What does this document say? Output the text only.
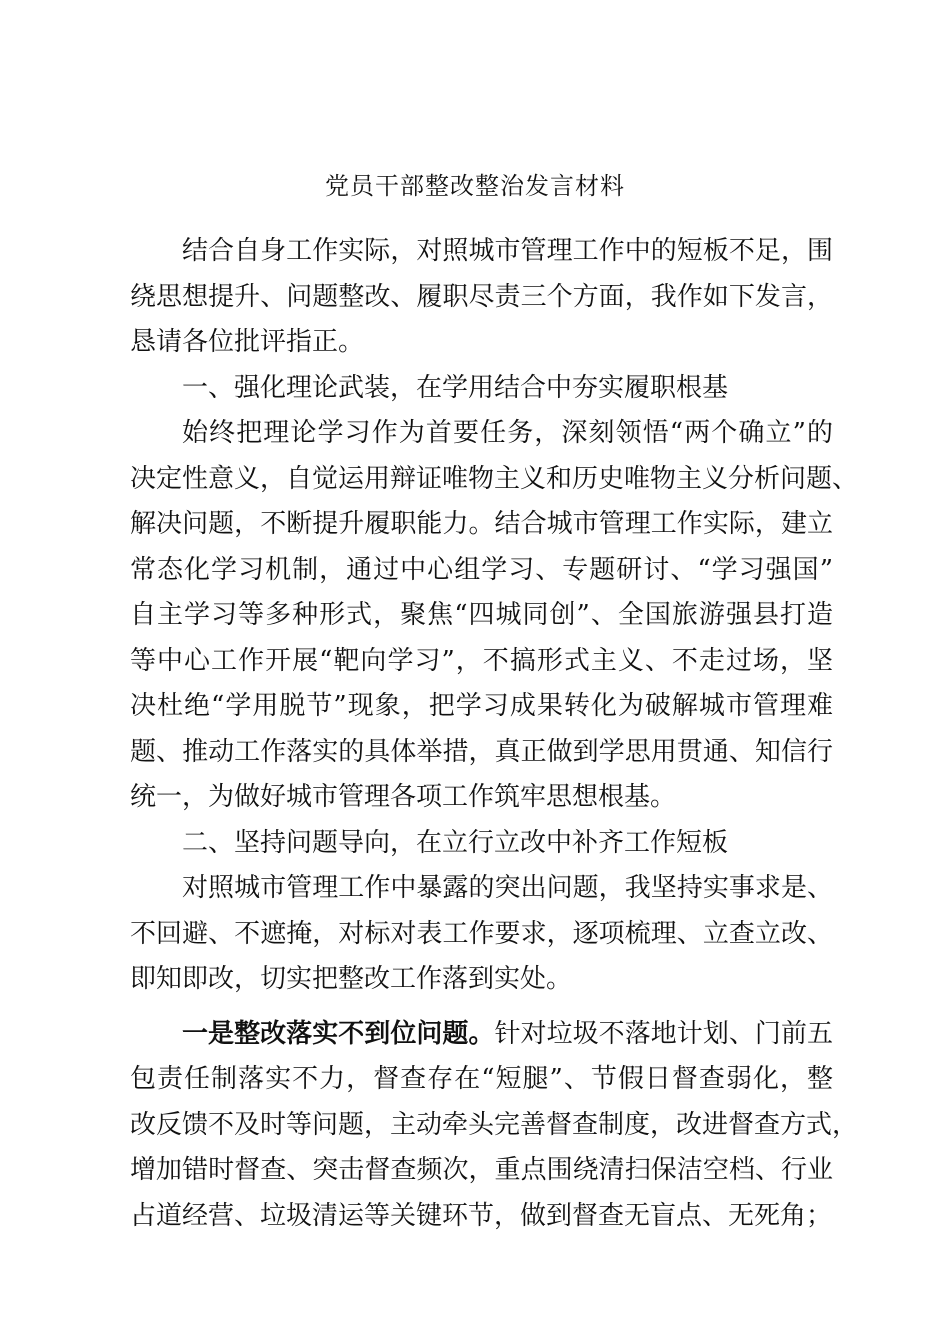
党员干部整改整治发言材料
结合自身工作实际，对照城市管理工作中的短板不足，围
绕思想提升、问题整改、履职尽责三个方面，我作如下发言，
恳请各位批评指正。
一、强化理论武装，在学用结合中夯实履职根基
始终把理论学习作为首要任务，深刻领悟“两个确立”的
决定性意义，自觉运用辩证唯物主义和历史唯物主义分析问题、
解决问题，不断提升履职能力。结合城市管理工作实际，建立
常态化学习机制，通过中心组学习、专题研讨、“学习强国”
自主学习等多种形式，聚焦“四城同创”、全国旅游强县打造
等中心工作开展“靶向学习”，不搞形式主义、不走过场，坚
决杜绝“学用脱节”现象，把学习成果转化为破解城市管理难
题、推动工作落实的具体举措，真正做到学思用贯通、知信行
统一，为做好城市管理各项工作筑牢思想根基。
二、坚持问题导向，在立行立改中补齐工作短板
对照城市管理工作中暴露的突出问题，我坚持实事求是、
不回避、不遮掩，对标对表工作要求，逐项梳理、立查立改、
即知即改，切实把整改工作落到实处。
一是整改落实不到位问题。针对垃圾不落地计划、门前五
包责任制落实不力，督查存在“短腿”、节假日督查弱化，整
改反馈不及时等问题，主动牵头完善督查制度，改进督查方式，
增加错时督查、突击督查频次，重点围绕清扫保洁空档、行业
占道经营、垃圾清运等关键环节，做到督查无盲点、无死角；
